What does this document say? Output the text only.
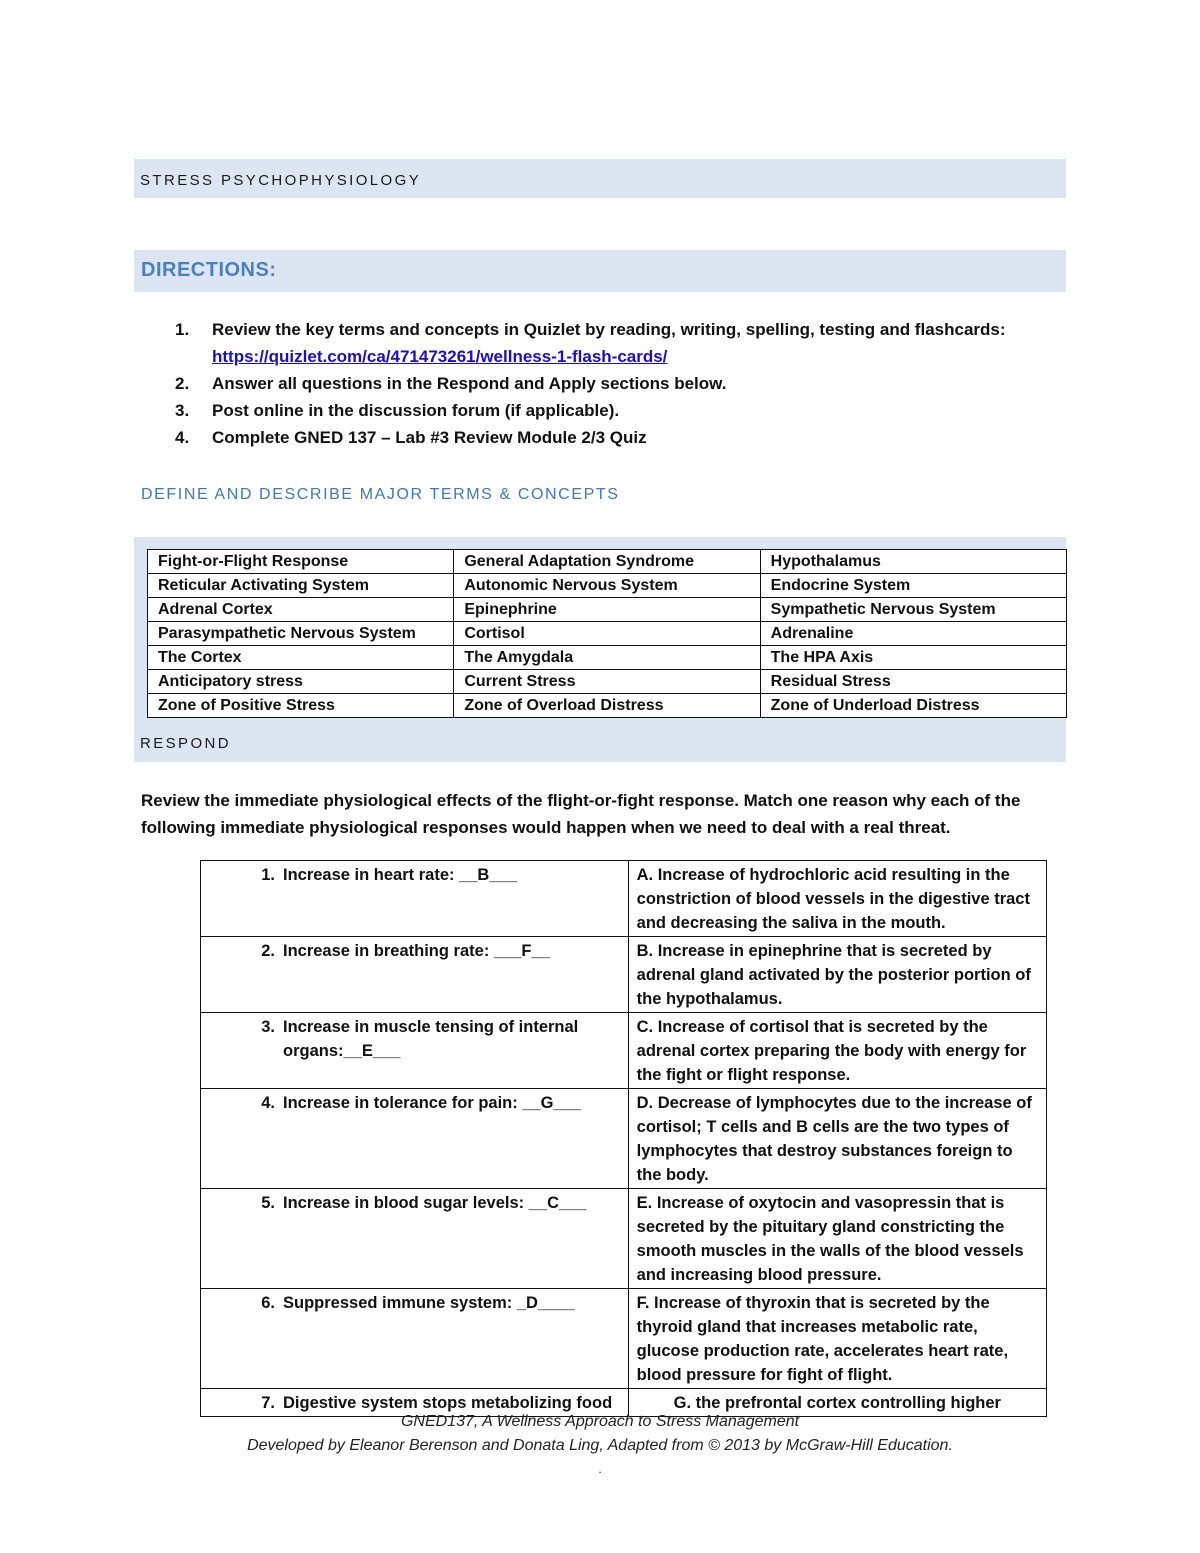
STRESS PSYCHOPHYSIOLOGY
DIRECTIONS:
1. Review the key terms and concepts in Quizlet by reading, writing, spelling, testing and flashcards:
https://quizlet.com/ca/471473261/wellness-1-flash-cards/
2. Answer all questions in the Respond and Apply sections below.
3. Post online in the discussion forum (if applicable).
4. Complete GNED 137 – Lab #3 Review Module 2/3 Quiz
DEFINE AND DESCRIBE MAJOR TERMS & CONCEPTS
Fight-or-Flight Response	General Adaptation Syndrome	Hypothalamus
Reticular Activating System	Autonomic Nervous System	Endocrine System
Adrenal Cortex	Epinephrine	Sympathetic Nervous System
Parasympathetic Nervous System	Cortisol	Adrenaline
The Cortex	The Amygdala	The HPA Axis
Anticipatory stress	Current Stress	Residual Stress
Zone of Positive Stress	Zone of Overload Distress	Zone of Underload Distress
RESPOND
Review the immediate physiological effects of the flight-or-fight response. Match one reason why each of the following immediate physiological responses would happen when we need to deal with a real threat.
1. Increase in heart rate: __B___	A. Increase of hydrochloric acid resulting in the constriction of blood vessels in the digestive tract and decreasing the saliva in the mouth.
2. Increase in breathing rate: ___F__	B. Increase in epinephrine that is secreted by adrenal gland activated by the posterior portion of the hypothalamus.
3. Increase in muscle tensing of internal organs:__E___	C. Increase of cortisol that is secreted by the adrenal cortex preparing the body with energy for the fight or flight response.
4. Increase in tolerance for pain: __G___	D. Decrease of lymphocytes due to the increase of cortisol; T cells and B cells are the two types of lymphocytes that destroy substances foreign to the body.
5. Increase in blood sugar levels: __C___	E. Increase of oxytocin and vasopressin that is secreted by the pituitary gland constricting the smooth muscles in the walls of the blood vessels and increasing blood pressure.
6. Suppressed immune system: _D____	F. Increase of thyroxin that is secreted by the thyroid gland that increases metabolic rate, glucose production rate, accelerates heart rate, blood pressure for fight of flight.
7. Digestive system stops metabolizing food	G. the prefrontal cortex controlling higher
GNED137, A Wellness Approach to Stress Management
Developed by Eleanor Berenson and Donata Ling, Adapted from © 2013 by McGraw-Hill Education.
.
